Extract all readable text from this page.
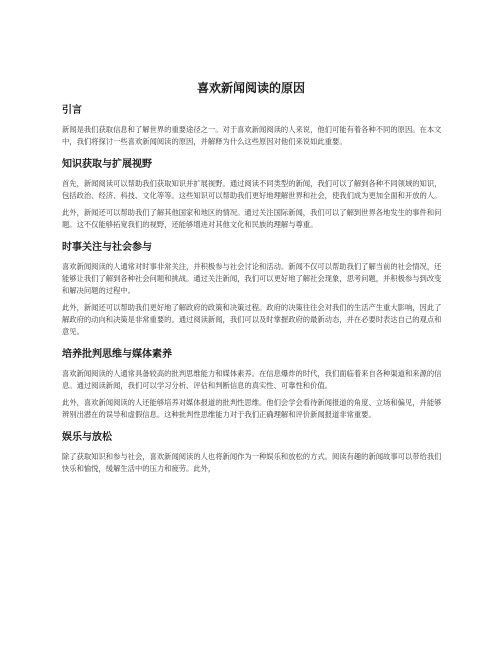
喜欢新闻阅读的原因
引言

新闻是我们获取信息和了解世界的重要途径之一。对于喜欢新闻阅读的人来说，他们可能有着各种不同的原因。在本文中，我们将探讨一些喜欢新闻阅读的原因，并解释为什么这些原因对他们来说如此重要。

知识获取与扩展视野

首先，新闻阅读可以帮助我们获取知识并扩展视野。通过阅读不同类型的新闻，我们可以了解到各种不同领域的知识，包括政治、经济、科技、文化等等。这些知识可以帮助我们更好地理解世界和社会，使我们成为更加全面和开放的人。

此外，新闻还可以帮助我们了解其他国家和地区的情况。通过关注国际新闻，我们可以了解到世界各地发生的事件和问题。这不仅能够拓宽我们的视野，还能够增进对其他文化和民族的理解与尊重。

时事关注与社会参与

喜欢新闻阅读的人通常对时事非常关注，并积极参与社会讨论和活动。新闻不仅可以帮助我们了解当前的社会情况，还能够让我们了解到各种社会问题和挑战。通过关注新闻，我们可以更好地了解社会现象，思考问题，并积极参与到改变和解决问题的过程中。

此外，新闻还可以帮助我们更好地了解政府的政策和决策过程。政府的决策往往会对我们的生活产生重大影响，因此了解政府的动向和决策是非常重要的。通过阅读新闻，我们可以及时掌握政府的最新动态，并在必要时表达自己的观点和意见。

培养批判思维与媒体素养

喜欢新闻阅读的人通常具备较高的批判思维能力和媒体素养。在信息爆炸的时代，我们面临着来自各种渠道和来源的信息。通过阅读新闻，我们可以学习分析、评估和判断信息的真实性、可靠性和价值。

此外，喜欢新闻阅读的人还能够培养对媒体报道的批判性思维。他们会学会看待新闻报道的角度、立场和偏见，并能够辨别出潜在的误导和虚假信息。这种批判性思维能力对于我们正确理解和评价新闻报道非常重要。

娱乐与放松

除了获取知识和参与社会，喜欢新闻阅读的人也将新闻作为一种娱乐和放松的方式。阅读有趣的新闻故事可以带给我们快乐和愉悦，缓解生活中的压力和疲劳。此外，
